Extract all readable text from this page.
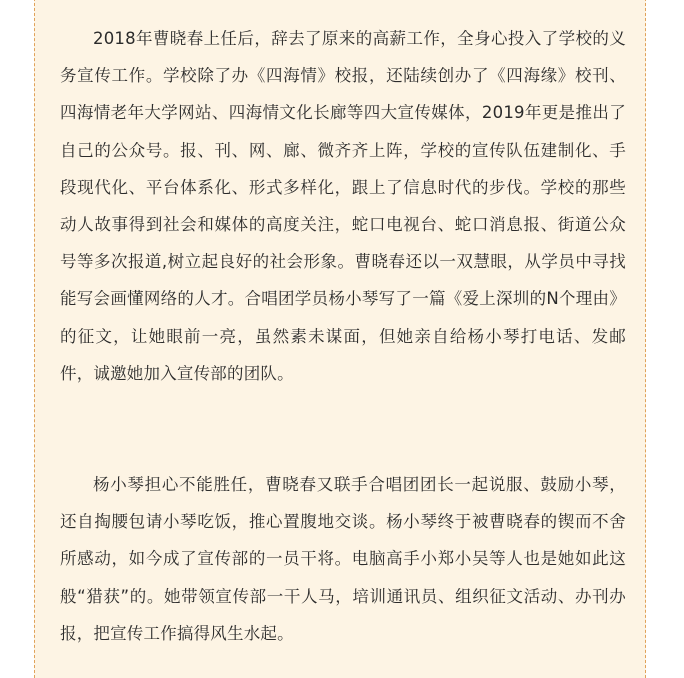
2018年曹晓春上任后，辞去了原来的高薪工作，全身心投入了学校的义务宣传工作。学校除了办《四海情》校报，还陆续创办了《四海缘》校刊、四海情老年大学网站、四海情文化长廊等四大宣传媒体，2019年更是推出了自己的公众号。报、刊、网、廊、微齐齐上阵，学校的宣传队伍建制化、手段现代化、平台体系化、形式多样化，跟上了信息时代的步伐。学校的那些动人故事得到社会和媒体的高度关注，蛇口电视台、蛇口消息报、街道公众号等多次报道,树立起良好的社会形象。曹晓春还以一双慧眼，从学员中寻找能写会画懂网络的人才。合唱团学员杨小琴写了一篇《爱上深圳的N个理由》的征文，让她眼前一亮，虽然素未谋面，但她亲自给杨小琴打电话、发邮件，诚邀她加入宣传部的团队。

杨小琴担心不能胜任，曹晓春又联手合唱团团长一起说服、鼓励小琴，还自掏腰包请小琴吃饭，推心置腹地交谈。杨小琴终于被曹晓春的锲而不舍所感动，如今成了宣传部的一员干将。电脑高手小郑小吴等人也是她如此这般“猎获”的。她带领宣传部一干人马，培训通讯员、组织征文活动、办刊办报，把宣传工作搞得风生水起。
